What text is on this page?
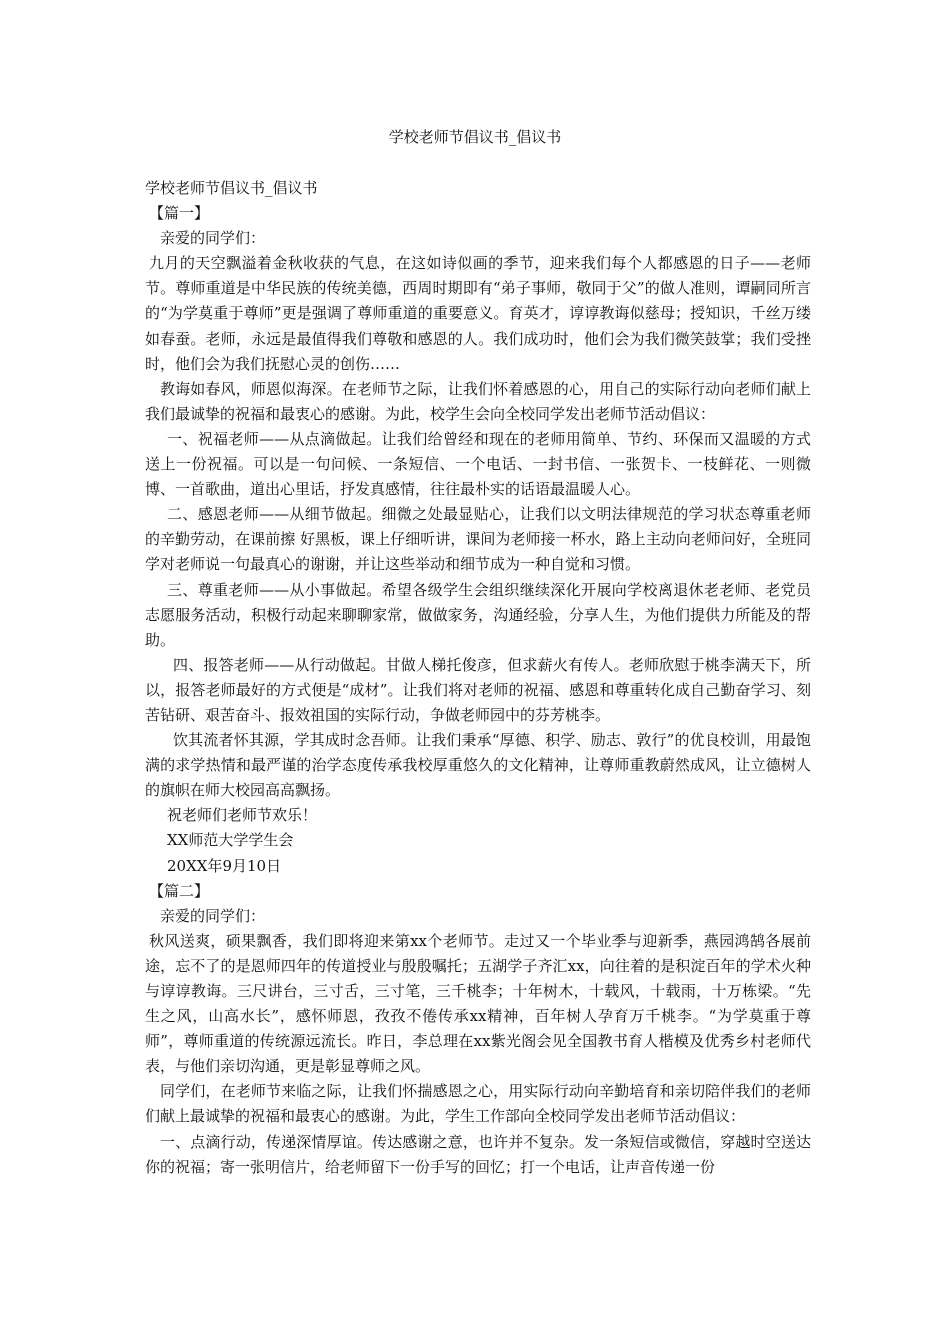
学校老师节倡议书_倡议书

学校老师节倡议书_倡议书

【篇一】

亲爱的同学们：

九月的天空飘溢着金秋收获的气息，在这如诗似画的季节，迎来我们每个人都感恩的日子——老师节。尊师重道是中华民族的传统美德，西周时期即有“弟子事师，敬同于父”的做人准则，谭嗣同所言的“为学莫重于尊师”更是强调了尊师重道的重要意义。育英才，谆谆教诲似慈母；授知识，千丝万缕如春蚕。老师，永远是最值得我们尊敬和感恩的人。我们成功时，他们会为我们微笑鼓掌；我们受挫时，他们会为我们抚慰心灵的创伤……

教诲如春风，师恩似海深。在老师节之际，让我们怀着感恩的心，用自己的实际行动向老师们献上我们最诚挚的祝福和最衷心的感谢。为此，校学生会向全校同学发出老师节活动倡议：

一、祝福老师——从点滴做起。让我们给曾经和现在的老师用简单、节约、环保而又温暖的方式送上一份祝福。可以是一句问候、一条短信、一个电话、一封书信、一张贺卡、一枝鲜花、一则微博、一首歌曲，道出心里话，抒发真感情，往往最朴实的话语最温暖人心。

二、感恩老师——从细节做起。细微之处最显贴心，让我们以文明法律规范的学习状态尊重老师的辛勤劳动，在课前擦 好黑板，课上仔细听讲，课间为老师接一杯水，路上主动向老师问好，全班同学对老师说一句最真心的谢谢，并让这些举动和细节成为一种自觉和习惯。

三、尊重老师——从小事做起。希望各级学生会组织继续深化开展向学校离退休老老师、老党员志愿服务活动，积极行动起来聊聊家常，做做家务，沟通经验，分享人生，为他们提供力所能及的帮助。

四、报答老师——从行动做起。甘做人梯托俊彦，但求薪火有传人。老师欣慰于桃李满天下，所以，报答老师最好的方式便是“成材”。让我们将对老师的祝福、感恩和尊重转化成自己勤奋学习、刻苦钻研、艰苦奋斗、报效祖国的实际行动，争做老师园中的芬芳桃李。

饮其流者怀其源，学其成时念吾师。让我们秉承“厚德、积学、励志、敦行”的优良校训，用最饱满的求学热情和最严谨的治学态度传承我校厚重悠久的文化精神，让尊师重教蔚然成风，让立德树人的旗帜在师大校园高高飘扬。

祝老师们老师节欢乐！

XX师范大学学生会

20XX年9月10日

【篇二】

亲爱的同学们：

秋风送爽，硕果飘香，我们即将迎来第xx个老师节。走过又一个毕业季与迎新季，燕园鸿鹄各展前途，忘不了的是恩师四年的传道授业与殷殷嘱托；五湖学子齐汇xx，向往着的是积淀百年的学术火种与谆谆教诲。三尺讲台，三寸舌，三寸笔，三千桃李；十年树木，十载风，十载雨，十万栋梁。“先生之风，山高水长”，感怀师恩，孜孜不倦传承xx精神，百年树人孕育万千桃李。“为学莫重于尊师”，尊师重道的传统源远流长。昨日，李总理在xx紫光阁会见全国教书育人楷模及优秀乡村老师代表，与他们亲切沟通，更是彰显尊师之风。

同学们，在老师节来临之际，让我们怀揣感恩之心，用实际行动向辛勤培育和亲切陪伴我们的老师们献上最诚挚的祝福和最衷心的感谢。为此，学生工作部向全校同学发出老师节活动倡议：

一、点滴行动，传递深情厚谊。传达感谢之意，也许并不复杂。发一条短信或微信，穿越时空送达你的祝福；寄一张明信片，给老师留下一份手写的回忆；打一个电话，让声音传递一份
